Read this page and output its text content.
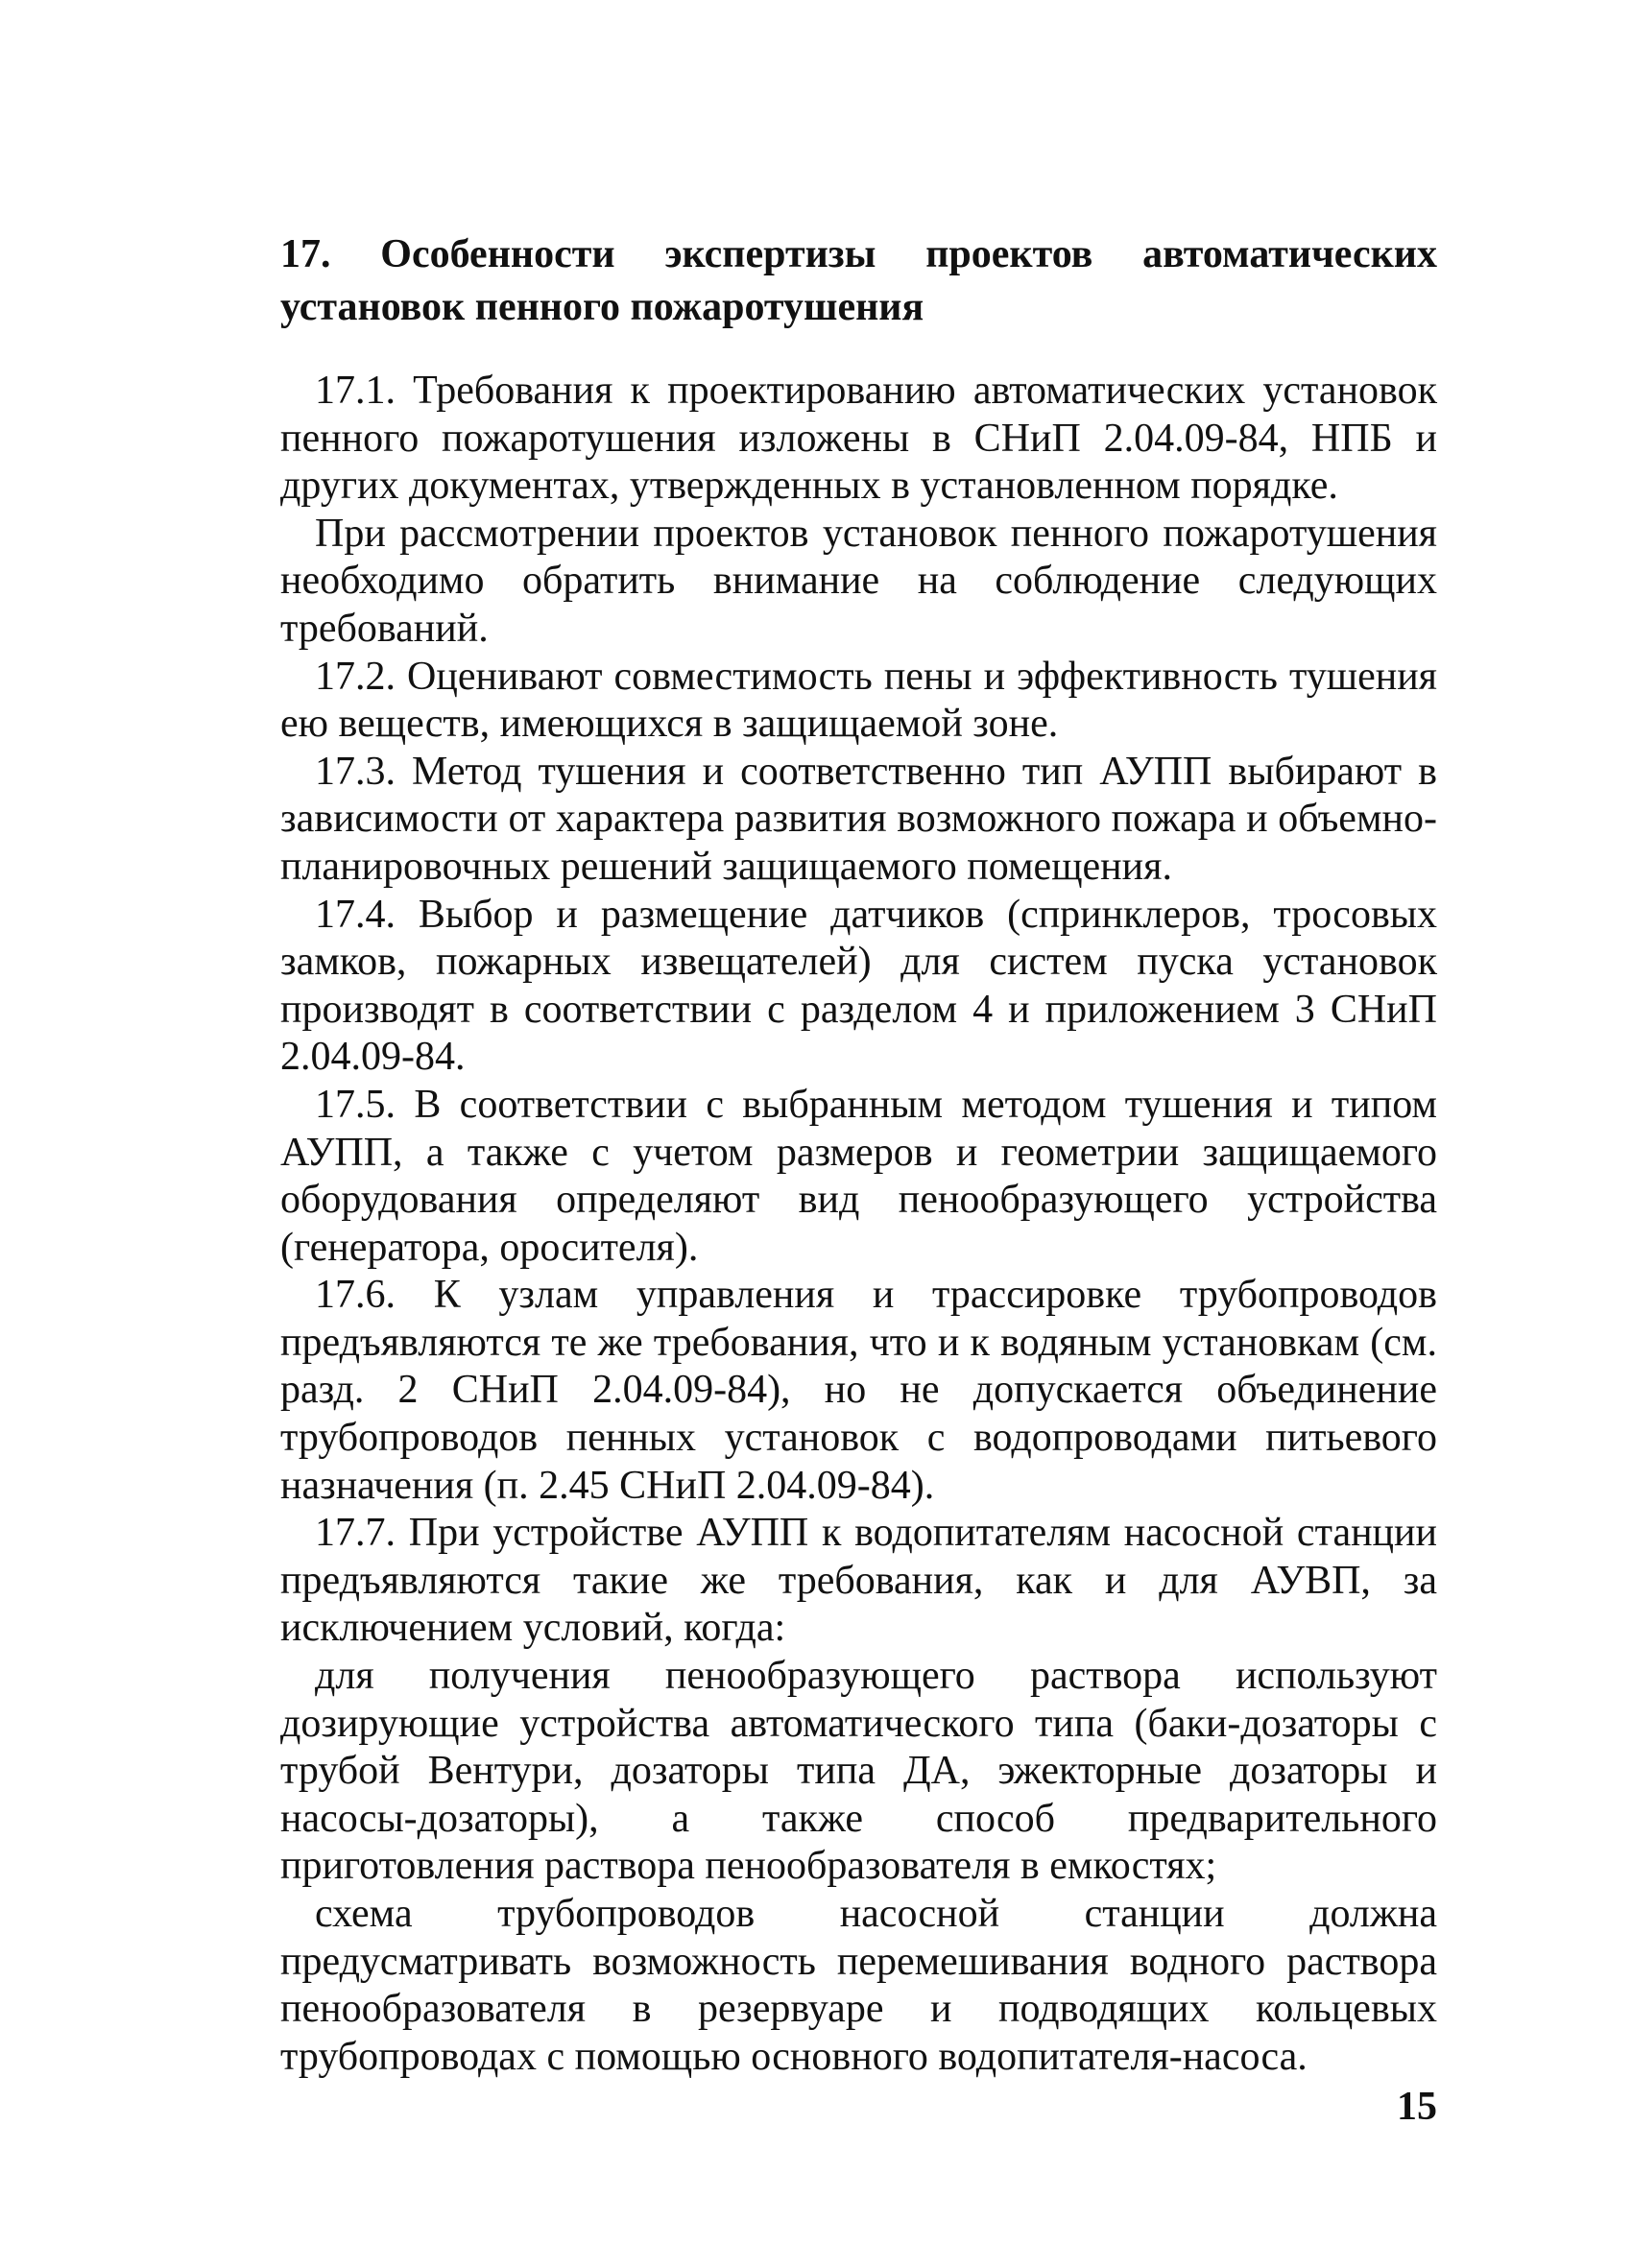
17. Особенности экспертизы проектов автоматических установок пенного пожаротушения

17.1. Требования к проектированию автоматических установок пенного пожаротушения изложены в СНиП 2.04.09-84, НПБ и других документах, утвержденных в установленном порядке.

При рассмотрении проектов установок пенного пожаротушения необходимо обратить внимание на соблюдение следующих требований.

17.2. Оценивают совместимость пены и эффективность тушения ею веществ, имеющихся в защищаемой зоне.

17.3. Метод тушения и соответственно тип АУПП выбирают в зависимости от характера развития возможного пожара и объемно-планировочных решений защищаемого помещения.

17.4. Выбор и размещение датчиков (спринклеров, тросовых замков, пожарных извещателей) для систем пуска установок производят в соответствии с разделом 4 и приложением 3 СНиП 2.04.09-84.

17.5. В соответствии с выбранным методом тушения и типом АУПП, а также с учетом размеров и геометрии защищаемого оборудования определяют вид пенообразующего устройства (генератора, оросителя).

17.6. К узлам управления и трассировке трубопроводов предъявляются те же требования, что и к водяным установкам (см. разд. 2 СНиП 2.04.09-84), но не допускается объединение трубопроводов пенных установок с водопроводами питьевого назначения (п. 2.45 СНиП 2.04.09-84).

17.7. При устройстве АУПП к водопитателям насосной станции предъявляются такие же требования, как и для АУВП, за исключением условий, когда:

для получения пенообразующего раствора используют дозирующие устройства автоматического типа (баки-дозаторы с трубой Вентури, дозаторы типа ДА, эжекторные дозаторы и насосы-дозаторы), а также способ предварительного приготовления раствора пенообразователя в емкостях;

схема трубопроводов насосной станции должна предусматривать возможность перемешивания водного раствора пенообразователя в резервуаре и подводящих кольцевых трубопроводах с помощью основного водопитателя-насоса.

15
